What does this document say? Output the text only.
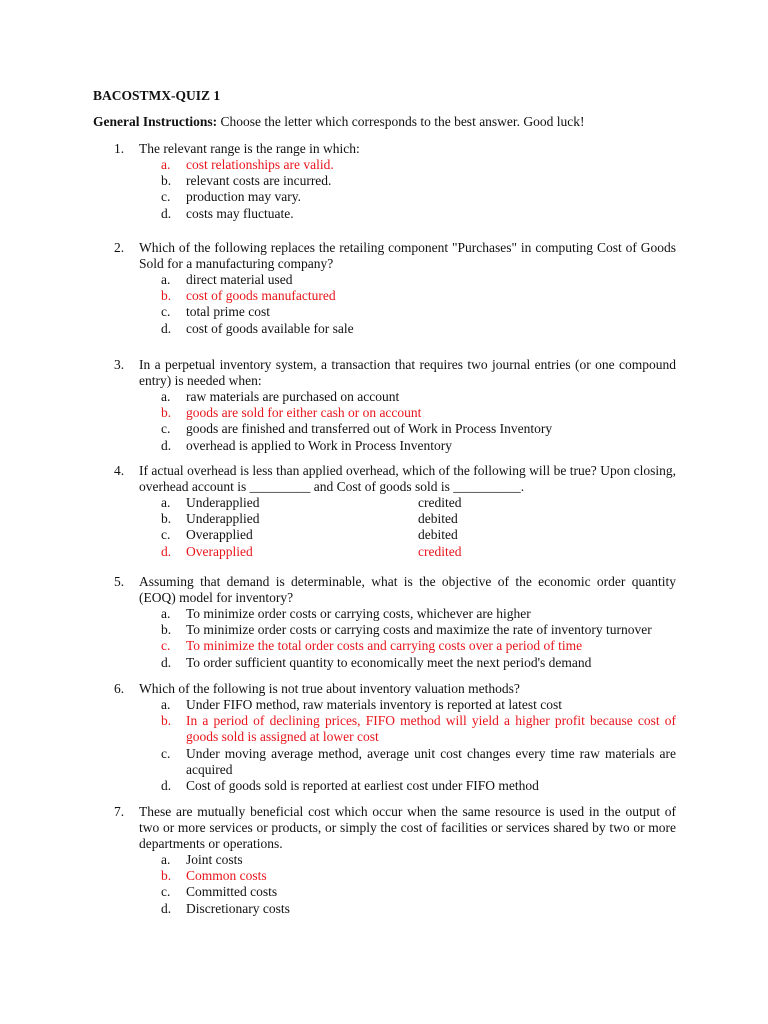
BACOSTMX-QUIZ 1
General Instructions: Choose the letter which corresponds to the best answer. Good luck!
1. The relevant range is the range in which:
a.	cost relationships are valid.
b.	relevant costs are incurred.
c.	production may vary.
d.	costs may fluctuate.
2. Which of the following replaces the retailing component "Purchases" in computing Cost of Goods Sold for a manufacturing company?
a.	direct material used
b.	cost of goods manufactured
c.	total prime cost
d.	cost of goods available for sale
3. In a perpetual inventory system, a transaction that requires two journal entries (or one compound entry) is needed when:
a.	raw materials are purchased on account
b.	goods are sold for either cash or on account
c.	goods are finished and transferred out of Work in Process Inventory
d.	overhead is applied to Work in Process Inventory
4. If actual overhead is less than applied overhead, which of the following will be true? Upon closing, overhead account is _________ and Cost of goods sold is __________.
a.	Underapplied	credited
b.	Underapplied	debited
c.	Overapplied	debited
d.	Overapplied	credited
5. Assuming that demand is determinable, what is the objective of the economic order quantity (EOQ) model for inventory?
a.	To minimize order costs or carrying costs, whichever are higher
b.	To minimize order costs or carrying costs and maximize the rate of inventory turnover
c.	To minimize the total order costs and carrying costs over a period of time
d.	To order sufficient quantity to economically meet the next period's demand
6. Which of the following is not true about inventory valuation methods?
a.	Under FIFO method, raw materials inventory is reported at latest cost
b.	In a period of declining prices, FIFO method will yield a higher profit because cost of goods sold is assigned at lower cost
c.	Under moving average method, average unit cost changes every time raw materials are acquired
d.	Cost of goods sold is reported at earliest cost under FIFO method
7. These are mutually beneficial cost which occur when the same resource is used in the output of two or more services or products, or simply the cost of facilities or services shared by two or more departments or operations.
a.	Joint costs
b.	Common costs
c.	Committed costs
d.	Discretionary costs
